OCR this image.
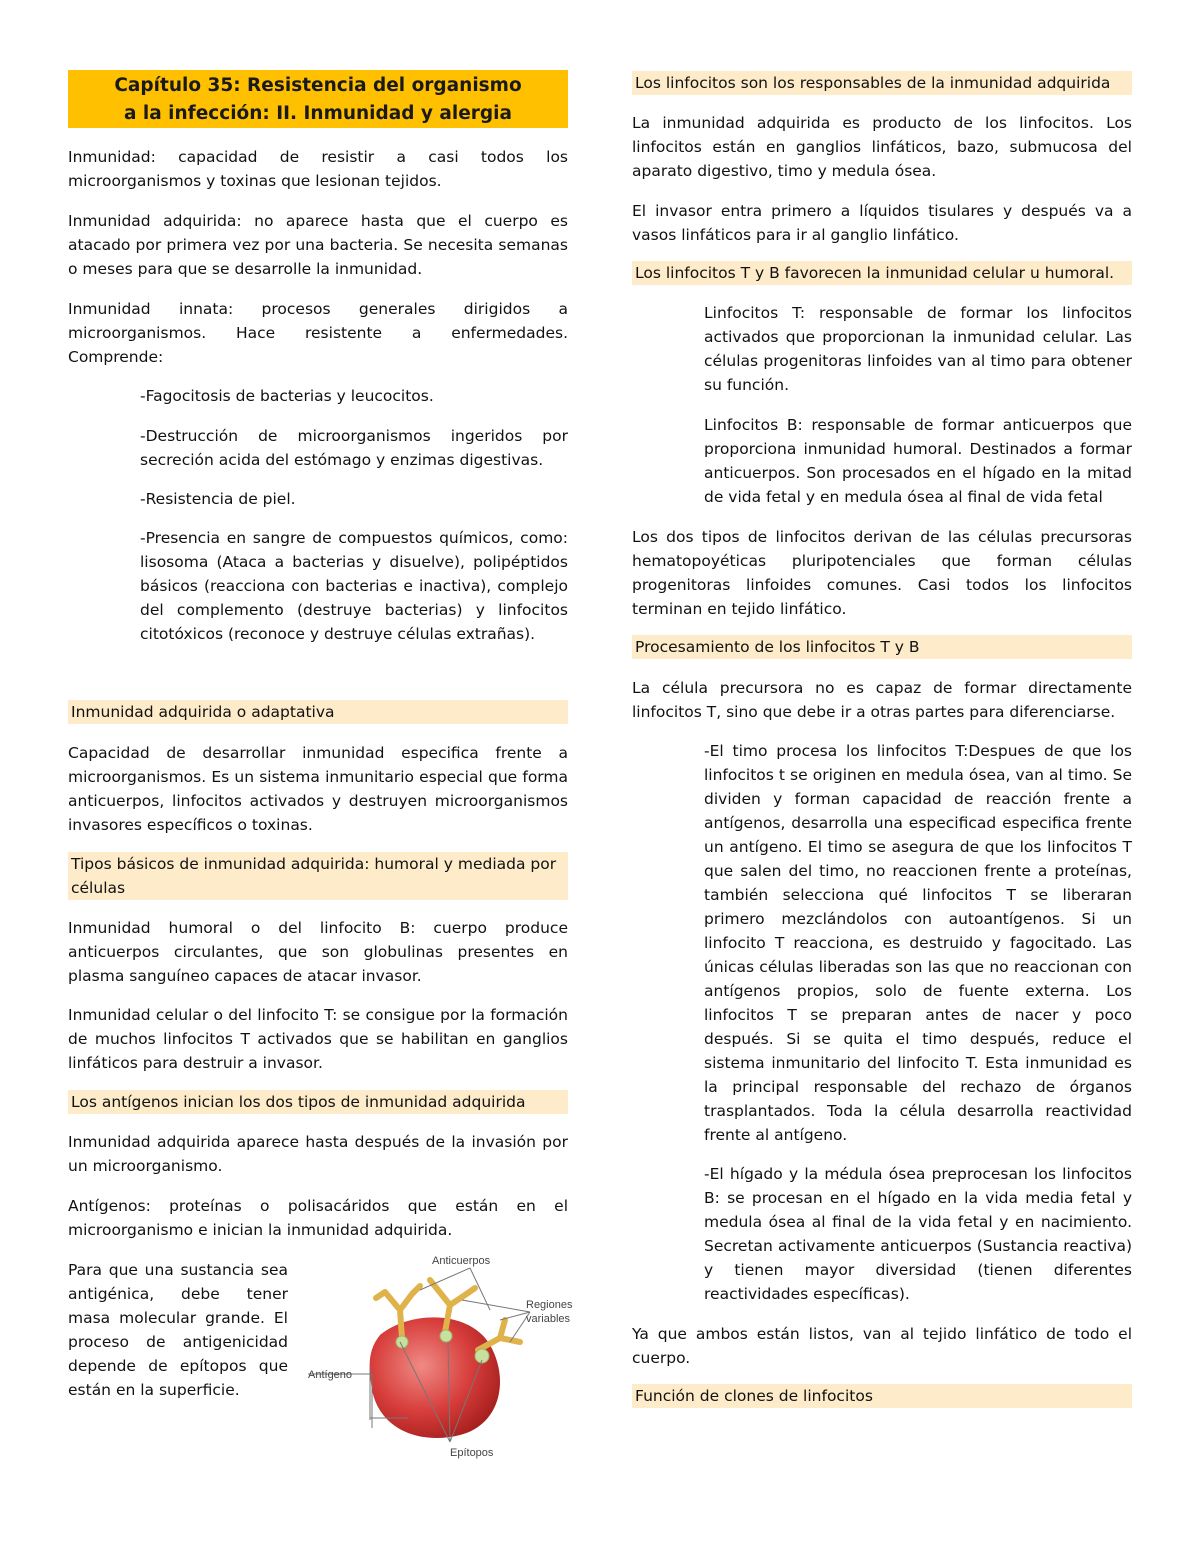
Capítulo 35: Resistencia del organismo a la infección: II. Inmunidad y alergia

Inmunidad: capacidad de resistir a casi todos los microorganismos y toxinas que lesionan tejidos.

Inmunidad adquirida: no aparece hasta que el cuerpo es atacado por primera vez por una bacteria. Se necesita semanas o meses para que se desarrolle la inmunidad.

Inmunidad innata: procesos generales dirigidos a microorganismos. Hace resistente a enfermedades. Comprende:

-Fagocitosis de bacterias y leucocitos.

-Destrucción de microorganismos ingeridos por secreción acida del estómago y enzimas digestivas.

-Resistencia de piel.

-Presencia en sangre de compuestos químicos, como: lisosoma (Ataca a bacterias y disuelve), polipéptidos básicos (reacciona con bacterias e inactiva), complejo del complemento (destruye bacterias) y linfocitos citotóxicos (reconoce y destruye células extrañas).

Inmunidad adquirida o adaptativa

Capacidad de desarrollar inmunidad especifica frente a microorganismos. Es un sistema inmunitario especial que forma anticuerpos, linfocitos activados y destruyen microorganismos invasores específicos o toxinas.

Tipos básicos de inmunidad adquirida: humoral y mediada por células

Inmunidad humoral o del linfocito B: cuerpo produce anticuerpos circulantes, que son globulinas presentes en plasma sanguíneo capaces de atacar invasor.

Inmunidad celular o del linfocito T: se consigue por la formación de muchos linfocitos T activados que se habilitan en ganglios linfáticos para destruir a invasor.

Los antígenos inician los dos tipos de inmunidad adquirida

Inmunidad adquirida aparece hasta después de la invasión por un microorganismo.

Antígenos: proteínas o polisacáridos que están en el microorganismo e inician la inmunidad adquirida.

Para que una sustancia sea antigénica, debe tener masa molecular grande. El proceso de antigenicidad depende de epítopos que están en la superficie.

Anticuerpos
Regiones
variables
Antígeno
Epítopos
Los linfocitos son los responsables de la inmunidad adquirida

La inmunidad adquirida es producto de los linfocitos. Los linfocitos están en ganglios linfáticos, bazo, submucosa del aparato digestivo, timo y medula ósea.

El invasor entra primero a líquidos tisulares y después va a vasos linfáticos para ir al ganglio linfático.

Los linfocitos T y B favorecen la inmunidad celular u humoral.

Linfocitos T: responsable de formar los linfocitos activados que proporcionan la inmunidad celular. Las células progenitoras linfoides van al timo para obtener su función.

Linfocitos B: responsable de formar anticuerpos que proporciona inmunidad humoral. Destinados a formar anticuerpos. Son procesados en el hígado en la mitad de vida fetal y en medula ósea al final de vida fetal

Los dos tipos de linfocitos derivan de las células precursoras hematopoyéticas pluripotenciales que forman células progenitoras linfoides comunes. Casi todos los linfocitos terminan en tejido linfático.

Procesamiento de los linfocitos T y B

La célula precursora no es capaz de formar directamente linfocitos T, sino que debe ir a otras partes para diferenciarse.

-El timo procesa los linfocitos T:Despues de que los linfocitos t se originen en medula ósea, van al timo. Se dividen y forman capacidad de reacción frente a antígenos, desarrolla una especificad especifica frente un antígeno. El timo se asegura de que los linfocitos T que salen del timo, no reaccionen frente a proteínas, también selecciona qué linfocitos T se liberaran primero mezclándolos con autoantígenos. Si un linfocito T reacciona, es destruido y fagocitado. Las únicas células liberadas son las que no reaccionan con antígenos propios, solo de fuente externa. Los linfocitos T se preparan antes de nacer y poco después. Si se quita el timo después, reduce el sistema inmunitario del linfocito T. Esta inmunidad es la principal responsable del rechazo de órganos trasplantados. Toda la célula desarrolla reactividad frente al antígeno.

-El hígado y la médula ósea preprocesan los linfocitos B: se procesan en el hígado en la vida media fetal y medula ósea al final de la vida fetal y en nacimiento. Secretan activamente anticuerpos (Sustancia reactiva) y tienen mayor diversidad (tienen diferentes reactividades específicas).

Ya que ambos están listos, van al tejido linfático de todo el cuerpo.

Función de clones de linfocitos
